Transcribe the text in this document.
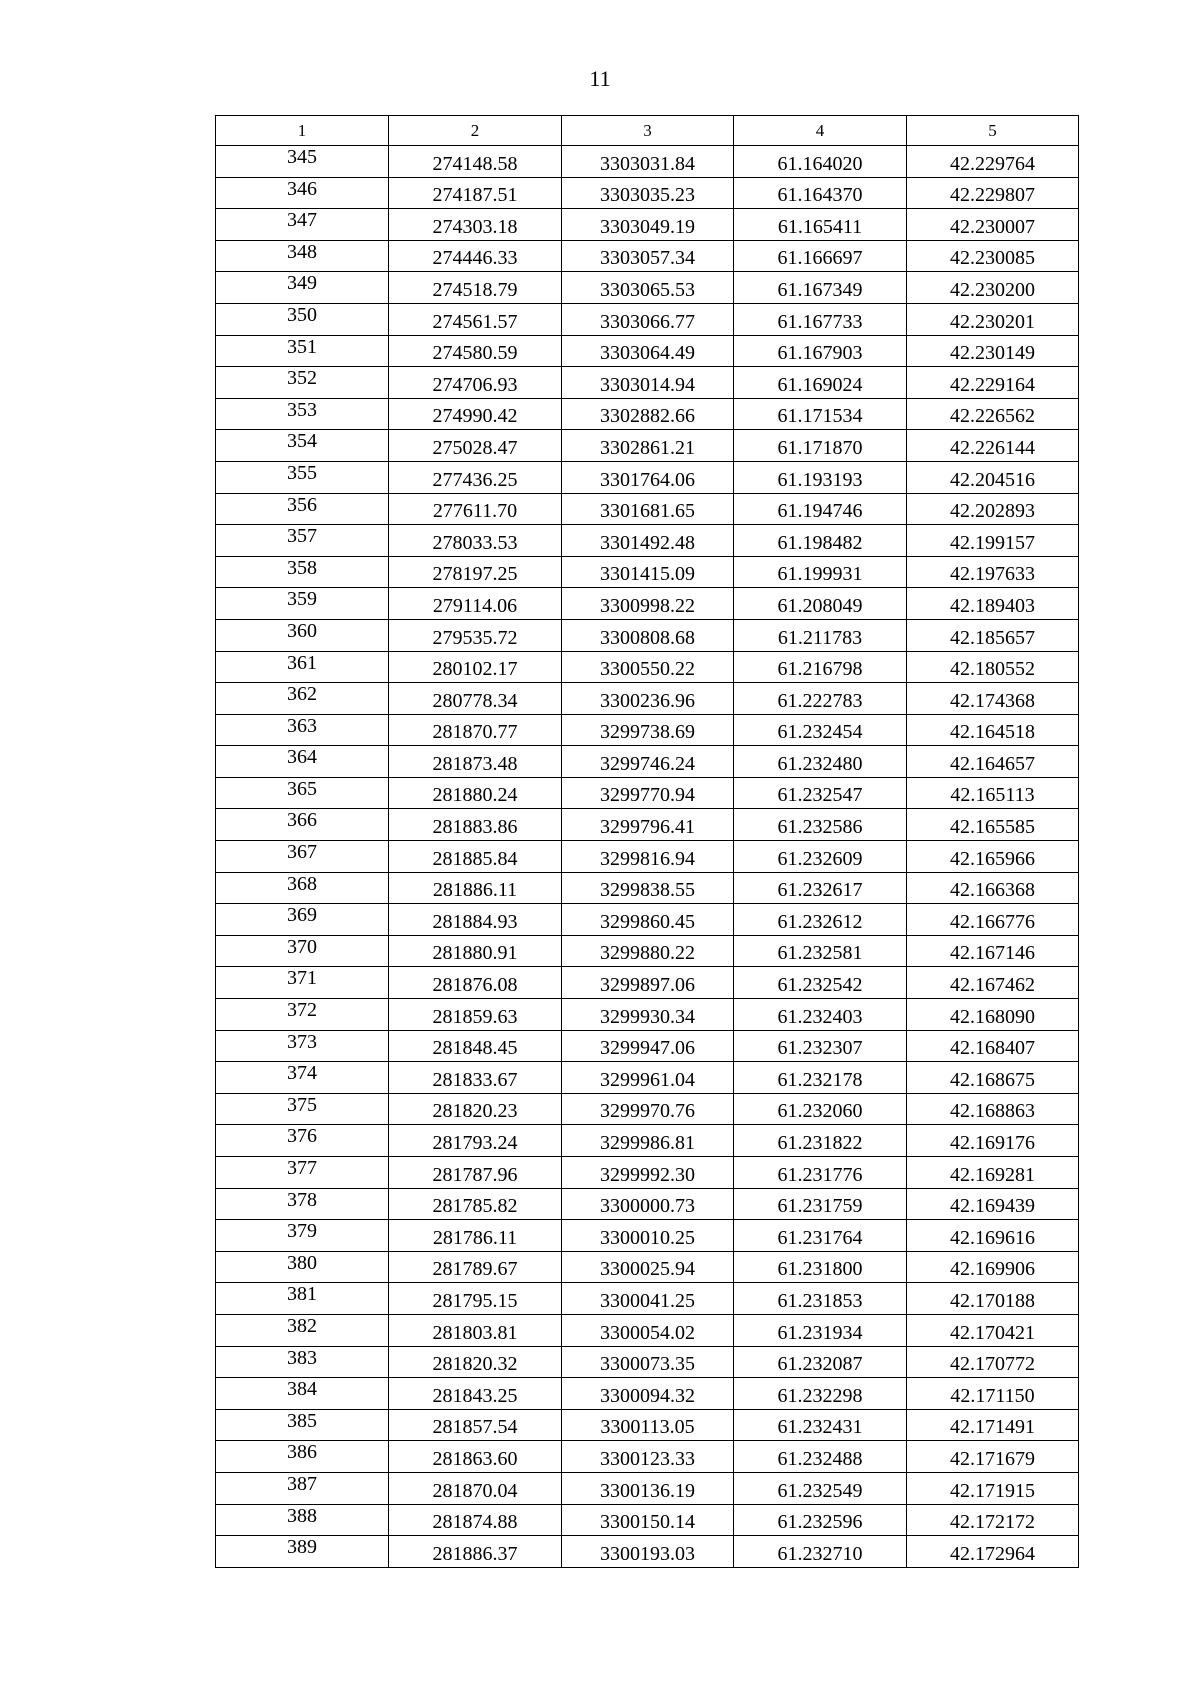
11
1	2	3	4	5
345	274148.58	3303031.84	61.164020	42.229764
346	274187.51	3303035.23	61.164370	42.229807
347	274303.18	3303049.19	61.165411	42.230007
348	274446.33	3303057.34	61.166697	42.230085
349	274518.79	3303065.53	61.167349	42.230200
350	274561.57	3303066.77	61.167733	42.230201
351	274580.59	3303064.49	61.167903	42.230149
352	274706.93	3303014.94	61.169024	42.229164
353	274990.42	3302882.66	61.171534	42.226562
354	275028.47	3302861.21	61.171870	42.226144
355	277436.25	3301764.06	61.193193	42.204516
356	277611.70	3301681.65	61.194746	42.202893
357	278033.53	3301492.48	61.198482	42.199157
358	278197.25	3301415.09	61.199931	42.197633
359	279114.06	3300998.22	61.208049	42.189403
360	279535.72	3300808.68	61.211783	42.185657
361	280102.17	3300550.22	61.216798	42.180552
362	280778.34	3300236.96	61.222783	42.174368
363	281870.77	3299738.69	61.232454	42.164518
364	281873.48	3299746.24	61.232480	42.164657
365	281880.24	3299770.94	61.232547	42.165113
366	281883.86	3299796.41	61.232586	42.165585
367	281885.84	3299816.94	61.232609	42.165966
368	281886.11	3299838.55	61.232617	42.166368
369	281884.93	3299860.45	61.232612	42.166776
370	281880.91	3299880.22	61.232581	42.167146
371	281876.08	3299897.06	61.232542	42.167462
372	281859.63	3299930.34	61.232403	42.168090
373	281848.45	3299947.06	61.232307	42.168407
374	281833.67	3299961.04	61.232178	42.168675
375	281820.23	3299970.76	61.232060	42.168863
376	281793.24	3299986.81	61.231822	42.169176
377	281787.96	3299992.30	61.231776	42.169281
378	281785.82	3300000.73	61.231759	42.169439
379	281786.11	3300010.25	61.231764	42.169616
380	281789.67	3300025.94	61.231800	42.169906
381	281795.15	3300041.25	61.231853	42.170188
382	281803.81	3300054.02	61.231934	42.170421
383	281820.32	3300073.35	61.232087	42.170772
384	281843.25	3300094.32	61.232298	42.171150
385	281857.54	3300113.05	61.232431	42.171491
386	281863.60	3300123.33	61.232488	42.171679
387	281870.04	3300136.19	61.232549	42.171915
388	281874.88	3300150.14	61.232596	42.172172
389	281886.37	3300193.03	61.232710	42.172964
